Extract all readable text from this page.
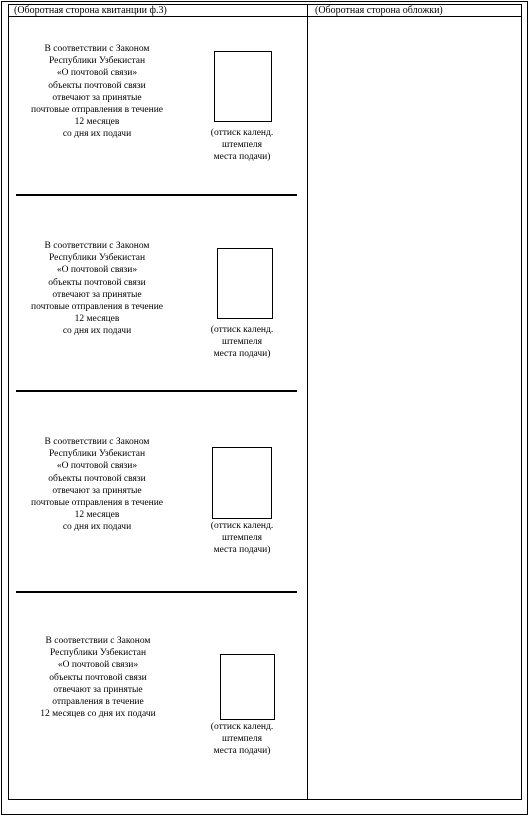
(Оборотная сторона квитанции ф.3)	(Оборотная сторона обложки)
В соответствии с Законом
Республики Узбекистан
«О почтовой связи»
объекты почтовой связи
отвечают за принятые
почтовые отправления в течение
12 месяцев
со дня их подачи	(оттиск календ.
штемпеля
места подачи)
В соответствии с Законом
Республики Узбекистан
«О почтовой связи»
объекты почтовой связи
отвечают за принятые
почтовые отправления в течение
12 месяцев
со дня их подачи	(оттиск календ.
штемпеля
места подачи)
В соответствии с Законом
Республики Узбекистан
«О почтовой связи»
объекты почтовой связи
отвечают за принятые
почтовые отправления в течение
12 месяцев
со дня их подачи	(оттиск календ.
штемпеля
места подачи)
В соответствии с Законом
Республики Узбекистан
«О почтовой связи»
объекты почтовой связи
отвечают за принятые
отправления в течение
12 месяцев со дня их подачи
(оттиск календ.
штемпеля
места подачи)
